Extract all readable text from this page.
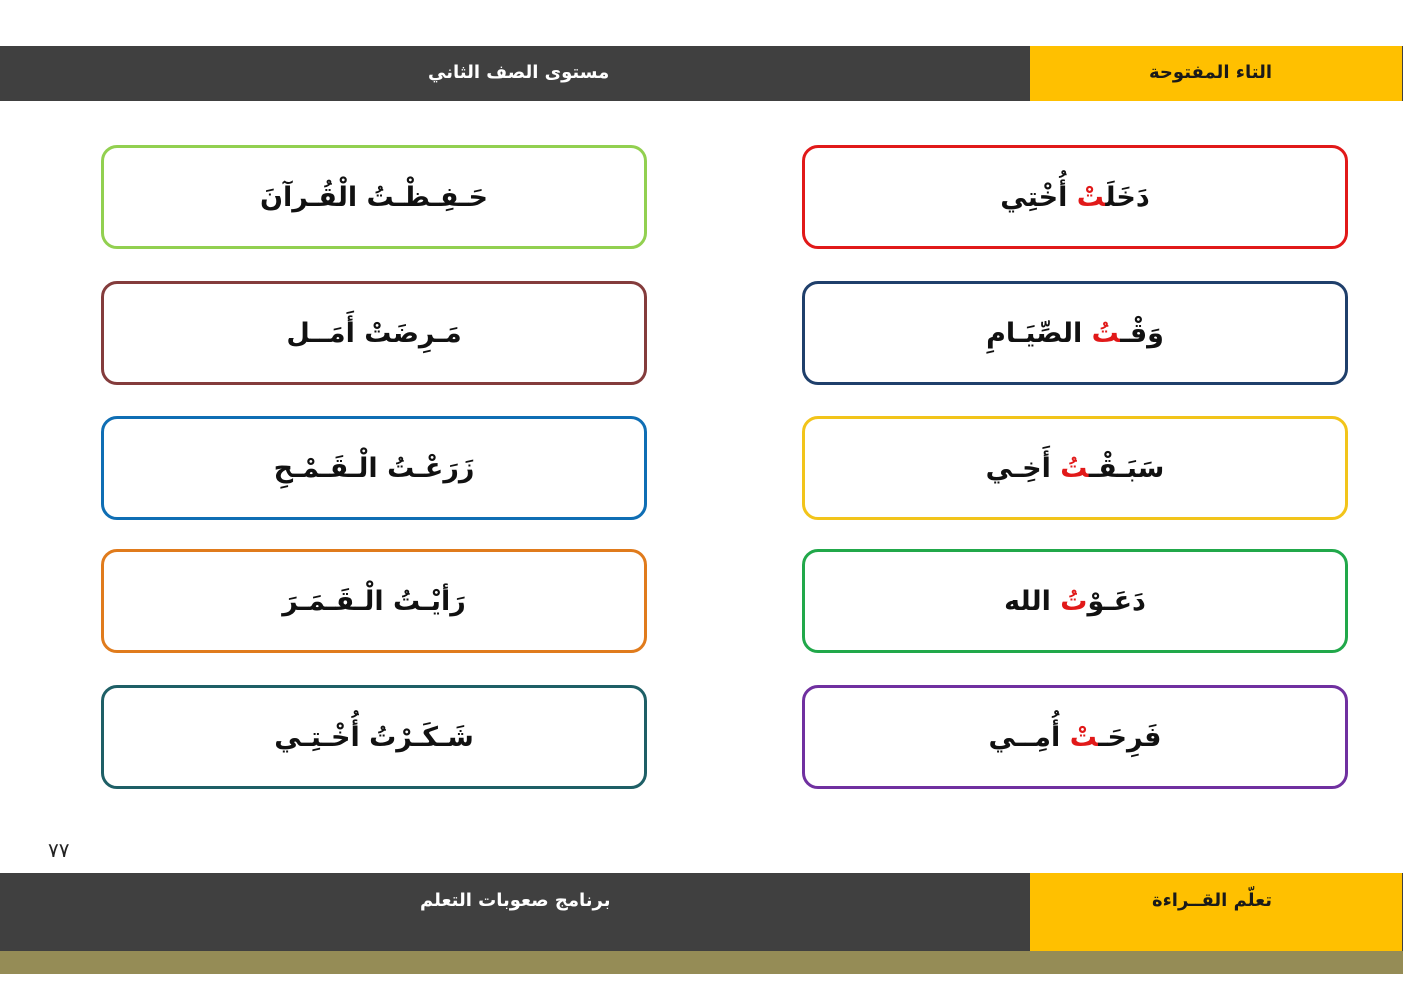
التاء المفتوحة
مستوى الصف الثاني
دَخَلَتْ أُخْتِي
وَقْـتُ الصِّيَـامِ
سَبَـقْـتُ أَخِـي
دَعَـوْتُ الله
فَرِحَـتْ أُمِــي
حَـفِـظْـتُ الْقُـرآنَ
مَـرِضَتْ أَمَــل
زَرَعْـتُ الْـقَـمْـحِ
رَأيْـتُ الْـقَـمَـرَ
شَـكَـرْتُ أُخْـتِـي
٧٧
تعلّم القــراءة
برنامج صعوبات التعلم
